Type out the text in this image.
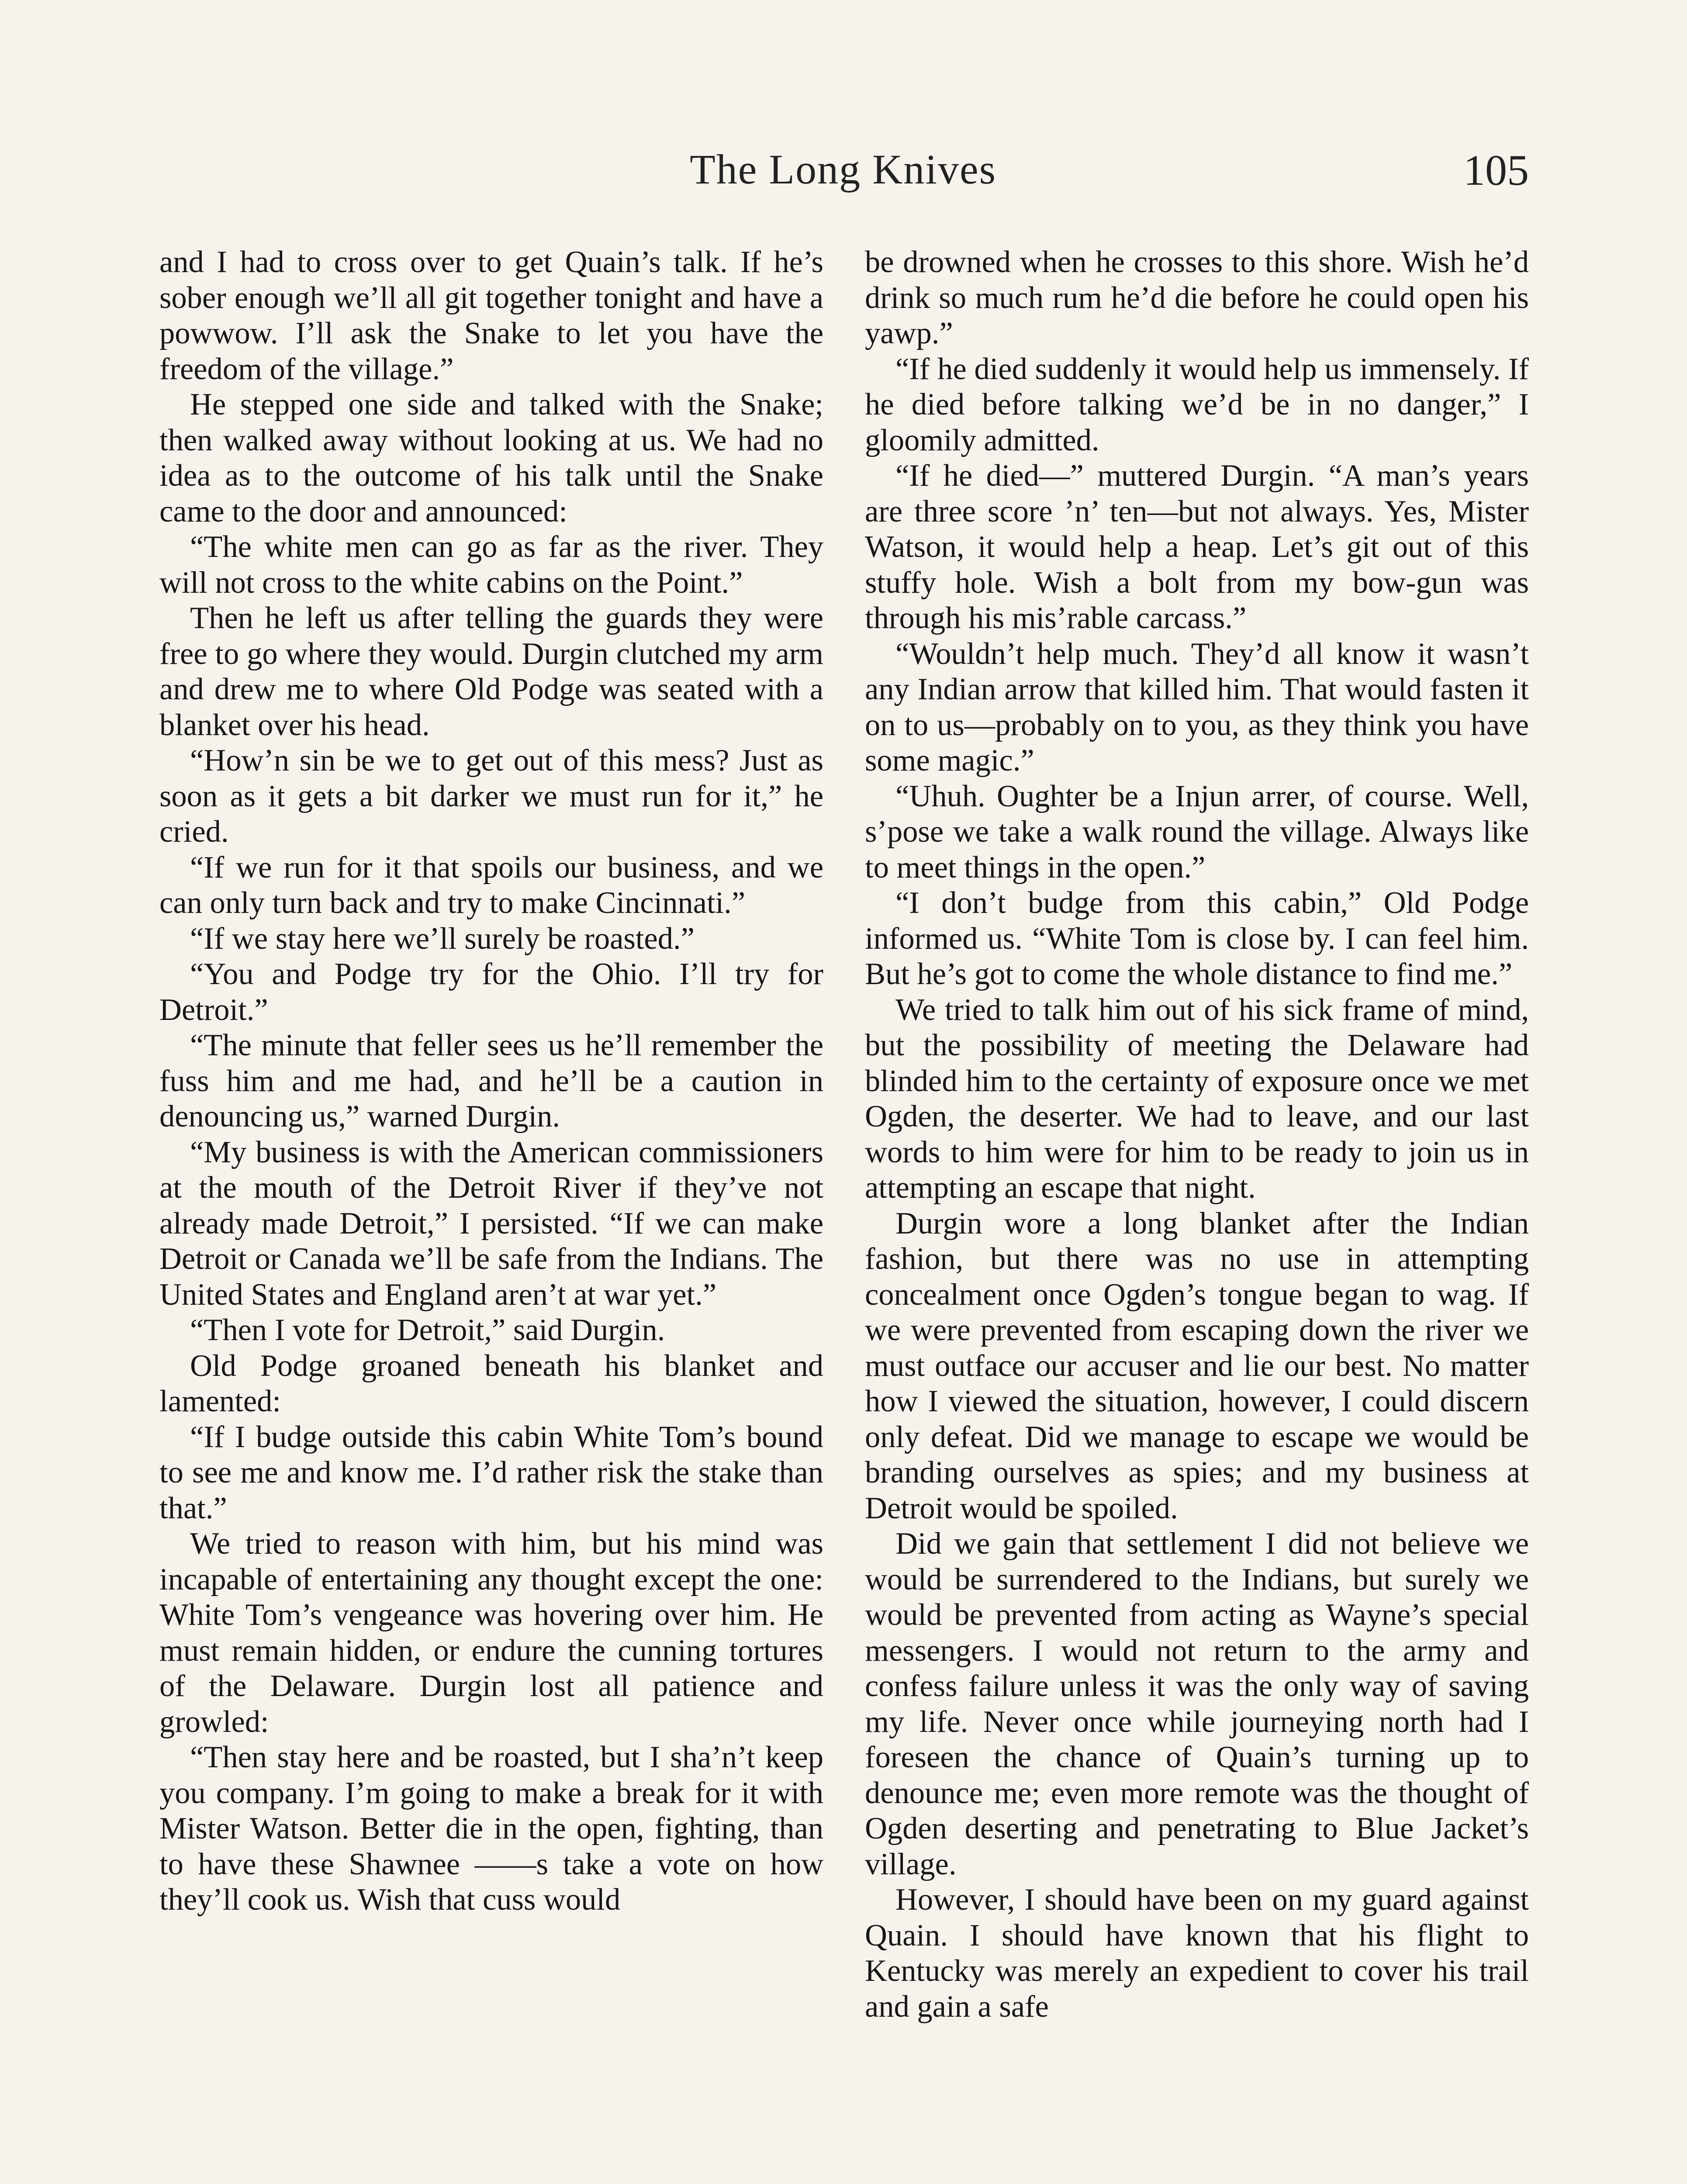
The Long Knives	105

and I had to cross over to get Quain’s talk. If he’s sober enough we’ll all git together tonight and have a powwow. I’ll ask the Snake to let you have the freedom of the village.”

He stepped one side and talked with the Snake; then walked away without looking at us. We had no idea as to the outcome of his talk until the Snake came to the door and announced:

“The white men can go as far as the river. They will not cross to the white cabins on the Point.”

Then he left us after telling the guards they were free to go where they would. Durgin clutched my arm and drew me to where Old Podge was seated with a blanket over his head.

“How’n sin be we to get out of this mess? Just as soon as it gets a bit darker we must run for it,” he cried.

“If we run for it that spoils our business, and we can only turn back and try to make Cincinnati.”

“If we stay here we’ll surely be roasted.”

“You and Podge try for the Ohio. I’ll try for Detroit.”

“The minute that feller sees us he’ll remember the fuss him and me had, and he’ll be a caution in denouncing us,” warned Durgin.

“My business is with the American commissioners at the mouth of the Detroit River if they’ve not already made Detroit,” I persisted. “If we can make Detroit or Canada we’ll be safe from the Indians. The United States and England aren’t at war yet.”

“Then I vote for Detroit,” said Durgin.

Old Podge groaned beneath his blanket and lamented:

“If I budge outside this cabin White Tom’s bound to see me and know me. I’d rather risk the stake than that.”

We tried to reason with him, but his mind was incapable of entertaining any thought except the one: White Tom’s vengeance was hovering over him. He must remain hidden, or endure the cunning tortures of the Delaware. Durgin lost all patience and growled:

“Then stay here and be roasted, but I sha’n’t keep you company. I’m going to make a break for it with Mister Watson. Better die in the open, fighting, than to have these Shawnee ——s take a vote on how they’ll cook us. Wish that cuss would

be drowned when he crosses to this shore. Wish he’d drink so much rum he’d die before he could open his yawp.”

“If he died suddenly it would help us immensely. If he died before talking we’d be in no danger,” I gloomily admitted.

“If he died—” muttered Durgin. “A man’s years are three score ’n’ ten—but not always. Yes, Mister Watson, it would help a heap. Let’s git out of this stuffy hole. Wish a bolt from my bow-gun was through his mis’rable carcass.”

“Wouldn’t help much. They’d all know it wasn’t any Indian arrow that killed him. That would fasten it on to us—probably on to you, as they think you have some magic.”

“Uhuh. Oughter be a Injun arrer, of course. Well, s’pose we take a walk round the village. Always like to meet things in the open.”

“I don’t budge from this cabin,” Old Podge informed us. “White Tom is close by. I can feel him. But he’s got to come the whole distance to find me.”

We tried to talk him out of his sick frame of mind, but the possibility of meeting the Delaware had blinded him to the certainty of exposure once we met Ogden, the deserter. We had to leave, and our last words to him were for him to be ready to join us in attempting an escape that night.

Durgin wore a long blanket after the Indian fashion, but there was no use in attempting concealment once Ogden’s tongue began to wag. If we were prevented from escaping down the river we must outface our accuser and lie our best. No matter how I viewed the situation, however, I could discern only defeat. Did we manage to escape we would be branding ourselves as spies; and my business at Detroit would be spoiled.

Did we gain that settlement I did not believe we would be surrendered to the Indians, but surely we would be prevented from acting as Wayne’s special messengers. I would not return to the army and confess failure unless it was the only way of saving my life. Never once while journeying north had I foreseen the chance of Quain’s turning up to denounce me; even more remote was the thought of Ogden deserting and penetrating to Blue Jacket’s village.

However, I should have been on my guard against Quain. I should have known that his flight to Kentucky was merely an expedient to cover his trail and gain a safe
